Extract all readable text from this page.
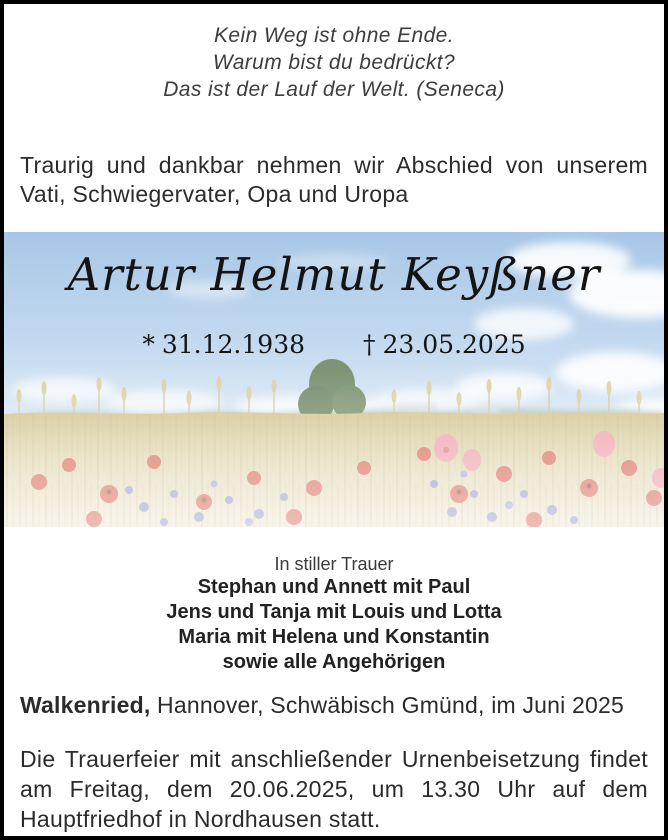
Kein Weg ist ohne Ende.
Warum bist du bedrückt?
Das ist der Lauf der Welt. (Seneca)

Traurig und dankbar nehmen wir Abschied von unserem Vati, Schwiegervater, Opa und Uropa

Artur Helmut Keyßner
* 31.12.1938 † 23.05.2025
In stiller Trauer
Stephan und Annett mit Paul
Jens und Tanja mit Louis und Lotta
Maria mit Helena und Konstantin
sowie alle Angehörigen

Walkenried, Hannover, Schwäbisch Gmünd, im Juni 2025

Die Trauerfeier mit anschließender Urnenbeisetzung findet am Freitag, dem 20.06.2025, um 13.30 Uhr auf dem Hauptfriedhof in Nordhausen statt.
